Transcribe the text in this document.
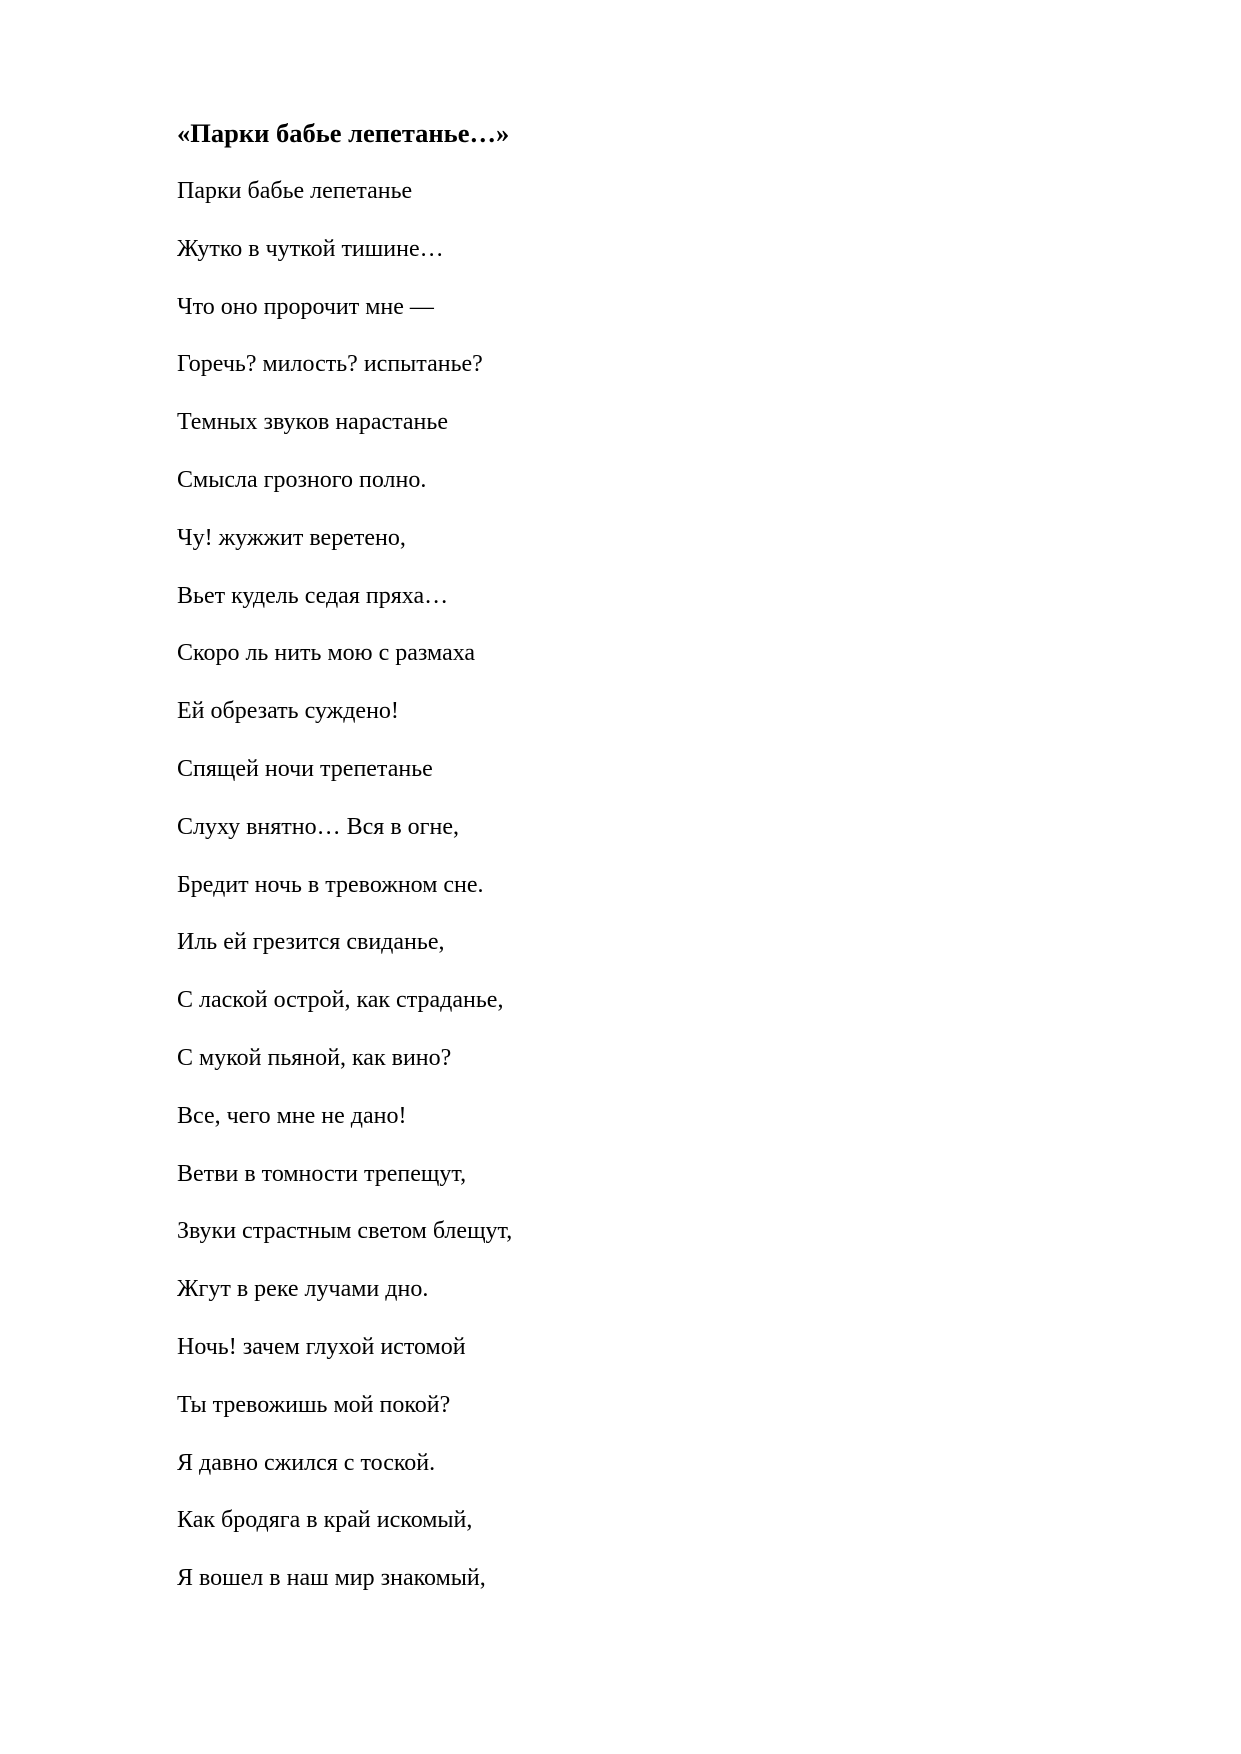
«Парки бабье лепетанье…»
Парки бабье лепетанье
Жутко в чуткой тишине…
Что оно пророчит мне —
Горечь? милость? испытанье?
Темных звуков нарастанье
Смысла грозного полно.
Чу! жужжит веретено,
Вьет кудель седая пряха…
Скоро ль нить мою с размаха
Ей обрезать суждено!
Спящей ночи трепетанье
Слуху внятно… Вся в огне,
Бредит ночь в тревожном сне.
Иль ей грезится свиданье,
С лаской острой, как страданье,
С мукой пьяной, как вино?
Все, чего мне не дано!
Ветви в томности трепещут,
Звуки страстным светом блещут,
Жгут в реке лучами дно.
Ночь! зачем глухой истомой
Ты тревожишь мой покой?
Я давно сжился с тоской.
Как бродяга в край искомый,
Я вошел в наш мир знакомый,
